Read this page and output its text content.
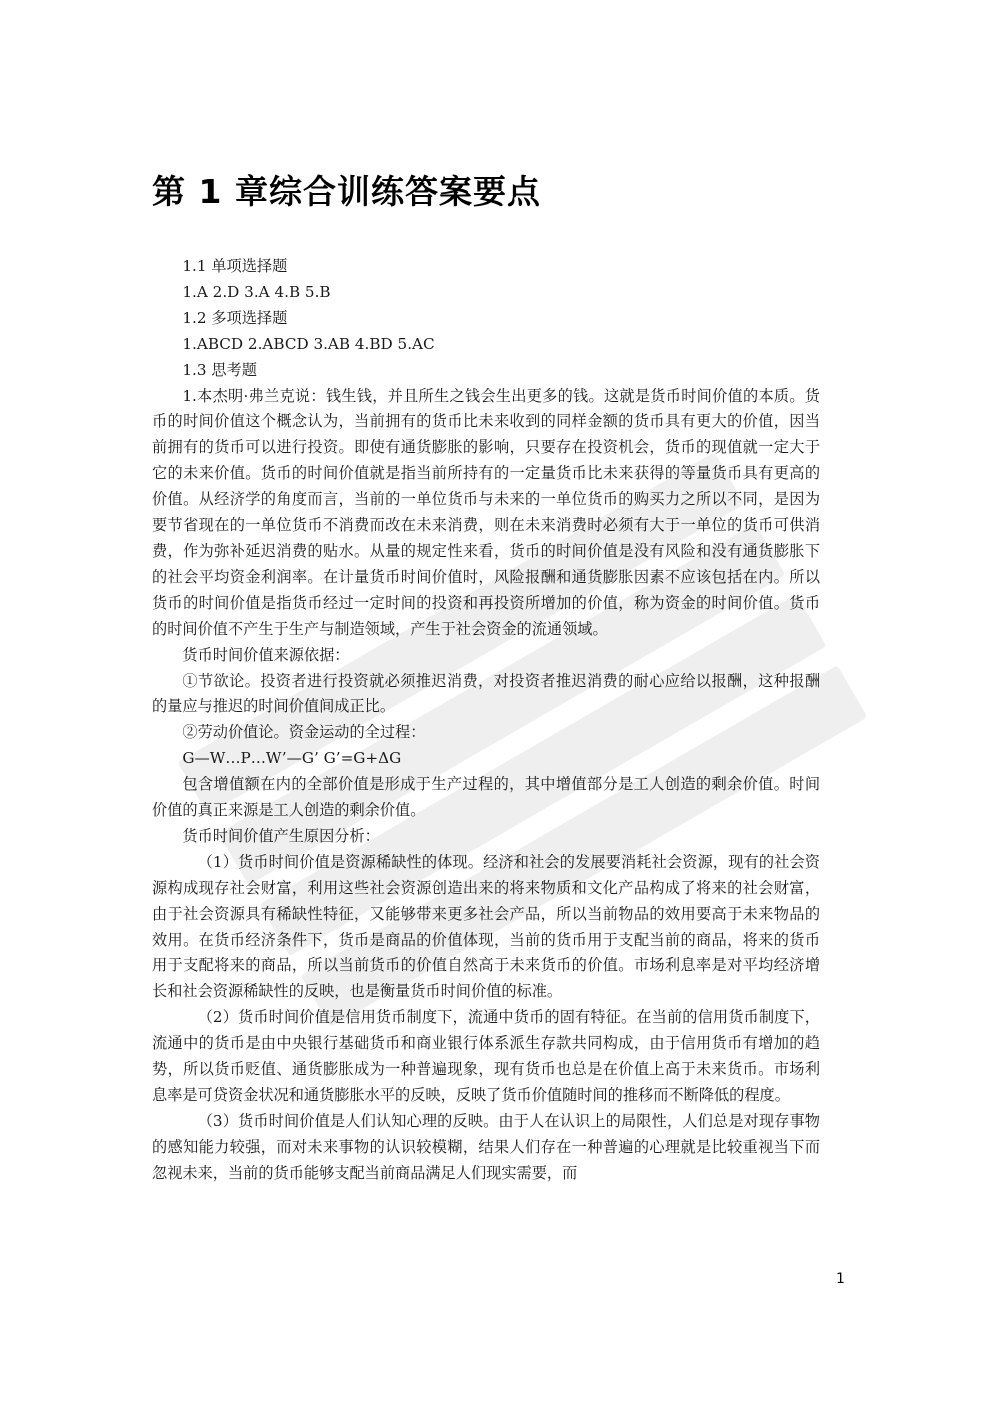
第 1 章综合训练答案要点

1.1 单项选择题

1.A 2.D 3.A 4.B 5.B

1.2 多项选择题

1.ABCD 2.ABCD 3.AB 4.BD 5.AC

1.3 思考题

1.本杰明·弗兰克说：钱生钱，并且所生之钱会生出更多的钱。这就是货币时间价值的本质。货币的时间价值这个概念认为，当前拥有的货币比未来收到的同样金额的货币具有更大的价值，因当前拥有的货币可以进行投资。即使有通货膨胀的影响，只要存在投资机会，货币的现值就一定大于它的未来价值。货币的时间价值就是指当前所持有的一定量货币比未来获得的等量货币具有更高的价值。从经济学的角度而言，当前的一单位货币与未来的一单位货币的购买力之所以不同，是因为要节省现在的一单位货币不消费而改在未来消费，则在未来消费时必须有大于一单位的货币可供消费，作为弥补延迟消费的贴水。从量的规定性来看，货币的时间价值是没有风险和没有通货膨胀下的社会平均资金利润率。在计量货币时间价值时，风险报酬和通货膨胀因素不应该包括在内。所以货币的时间价值是指货币经过一定时间的投资和再投资所增加的价值，称为资金的时间价值。货币的时间价值不产生于生产与制造领域，产生于社会资金的流通领域。

货币时间价值来源依据：

①节欲论。投资者进行投资就必须推迟消费，对投资者推迟消费的耐心应给以报酬，这种报酬的量应与推迟的时间价值间成正比。

②劳动价值论。资金运动的全过程：

G—W…P…W’—G’ G’=G+ΔG

包含增值额在内的全部价值是形成于生产过程的，其中增值部分是工人创造的剩余价值。时间价值的真正来源是工人创造的剩余价值。

货币时间价值产生原因分析：

（1）货币时间价值是资源稀缺性的体现。经济和社会的发展要消耗社会资源，现有的社会资源构成现存社会财富，利用这些社会资源创造出来的将来物质和文化产品构成了将来的社会财富，由于社会资源具有稀缺性特征，又能够带来更多社会产品，所以当前物品的效用要高于未来物品的效用。在货币经济条件下，货币是商品的价值体现，当前的货币用于支配当前的商品，将来的货币用于支配将来的商品，所以当前货币的价值自然高于未来货币的价值。市场利息率是对平均经济增长和社会资源稀缺性的反映，也是衡量货币时间价值的标准。

（2）货币时间价值是信用货币制度下，流通中货币的固有特征。在当前的信用货币制度下，流通中的货币是由中央银行基础货币和商业银行体系派生存款共同构成，由于信用货币有增加的趋势，所以货币贬值、通货膨胀成为一种普遍现象，现有货币也总是在价值上高于未来货币。市场利息率是可贷资金状况和通货膨胀水平的反映，反映了货币价值随时间的推移而不断降低的程度。

（3）货币时间价值是人们认知心理的反映。由于人在认识上的局限性，人们总是对现存事物的感知能力较强，而对未来事物的认识较模糊，结果人们存在一种普遍的心理就是比较重视当下而忽视未来，当前的货币能够支配当前商品满足人们现实需要，而

1
